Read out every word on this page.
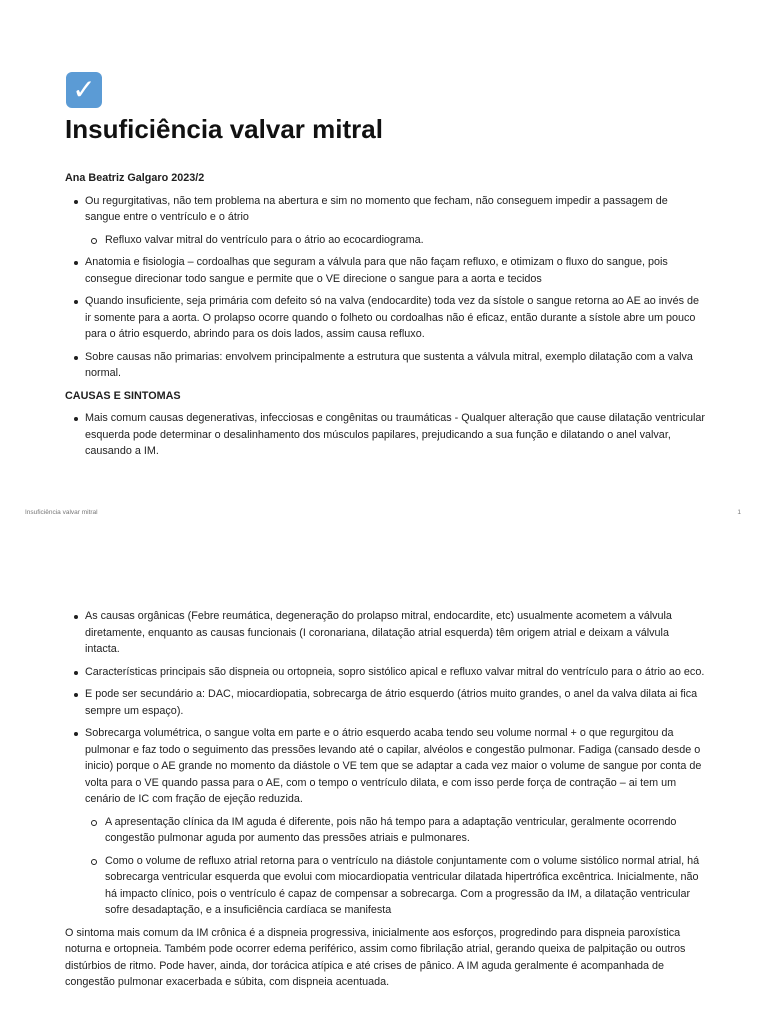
✓
Insuficiência valvar mitral

Ana Beatriz Galgaro 2023/2

Ou regurgitativas, não tem problema na abertura e sim no momento que fecham, não conseguem impedir a passagem de sangue entre o ventrículo e o átrio
Refluxo valvar mitral do ventrículo para o átrio ao ecocardiograma.
Anatomia e fisiologia – cordoalhas que seguram a válvula para que não façam refluxo, e otimizam o fluxo do sangue, pois consegue direcionar todo sangue e permite que o VE direcione o sangue para a aorta e tecidos
Quando insuficiente, seja primária com defeito só na valva (endocardite) toda vez da sístole o sangue retorna ao AE ao invés de ir somente para a aorta. O prolapso ocorre quando o folheto ou cordoalhas não é eficaz, então durante a sístole abre um pouco para o átrio esquerdo, abrindo para os dois lados, assim causa refluxo.
Sobre causas não primarias: envolvem principalmente a estrutura que sustenta a válvula mitral, exemplo dilatação com a valva normal.

CAUSAS E SINTOMAS

Mais comum causas degenerativas, infecciosas e congênitas ou traumáticas - Qualquer alteração que cause dilatação ventricular esquerda pode determinar o desalinhamento dos músculos papilares, prejudicando a sua função e dilatando o anel valvar, causando a IM.
Insuficiência valvar mitral	1
As causas orgânicas (Febre reumática, degeneração do prolapso mitral, endocardite, etc) usualmente acometem a válvula diretamente, enquanto as causas funcionais (I coronariana, dilatação atrial esquerda) têm origem atrial e deixam a válvula intacta.
Características principais são dispneia ou ortopneia, sopro sistólico apical e refluxo valvar mitral do ventrículo para o átrio ao eco.
E pode ser secundário a: DAC, miocardiopatia, sobrecarga de átrio esquerdo (átrios muito grandes, o anel da valva dilata ai fica sempre um espaço).
Sobrecarga volumétrica, o sangue volta em parte e o átrio esquerdo acaba tendo seu volume normal + o que regurgitou da pulmonar e faz todo o seguimento das pressões levando até o capilar, alvéolos e congestão pulmonar. Fadiga (cansado desde o inicio) porque o AE grande no momento da diástole o VE tem que se adaptar a cada vez maior o volume de sangue por conta de volta para o VE quando passa para o AE, com o tempo o ventrículo dilata, e com isso perde força de contração – ai tem um cenário de IC com fração de ejeção reduzida.
A apresentação clínica da IM aguda é diferente, pois não há tempo para a adaptação ventricular, geralmente ocorrendo congestão pulmonar aguda por aumento das pressões atriais e pulmonares.
Como o volume de refluxo atrial retorna para o ventrículo na diástole conjuntamente com o volume sistólico normal atrial, há sobrecarga ventricular esquerda que evolui com miocardiopatia ventricular dilatada hipertrófica excêntrica. Inicialmente, não há impacto clínico, pois o ventrículo é capaz de compensar a sobrecarga. Com a progressão da IM, a dilatação ventricular sofre desadaptação, e a insuficiência cardíaca se manifesta

O sintoma mais comum da IM crônica é a dispneia progressiva, inicialmente aos esforços, progredindo para dispneia paroxística noturna e ortopneia. Também pode ocorrer edema periférico, assim como fibrilação atrial, gerando queixa de palpitação ou outros distúrbios de ritmo. Pode haver, ainda, dor torácica atípica e até crises de pânico. A IM aguda geralmente é acompanhada de congestão pulmonar exacerbada e súbita, com dispneia acentuada.
